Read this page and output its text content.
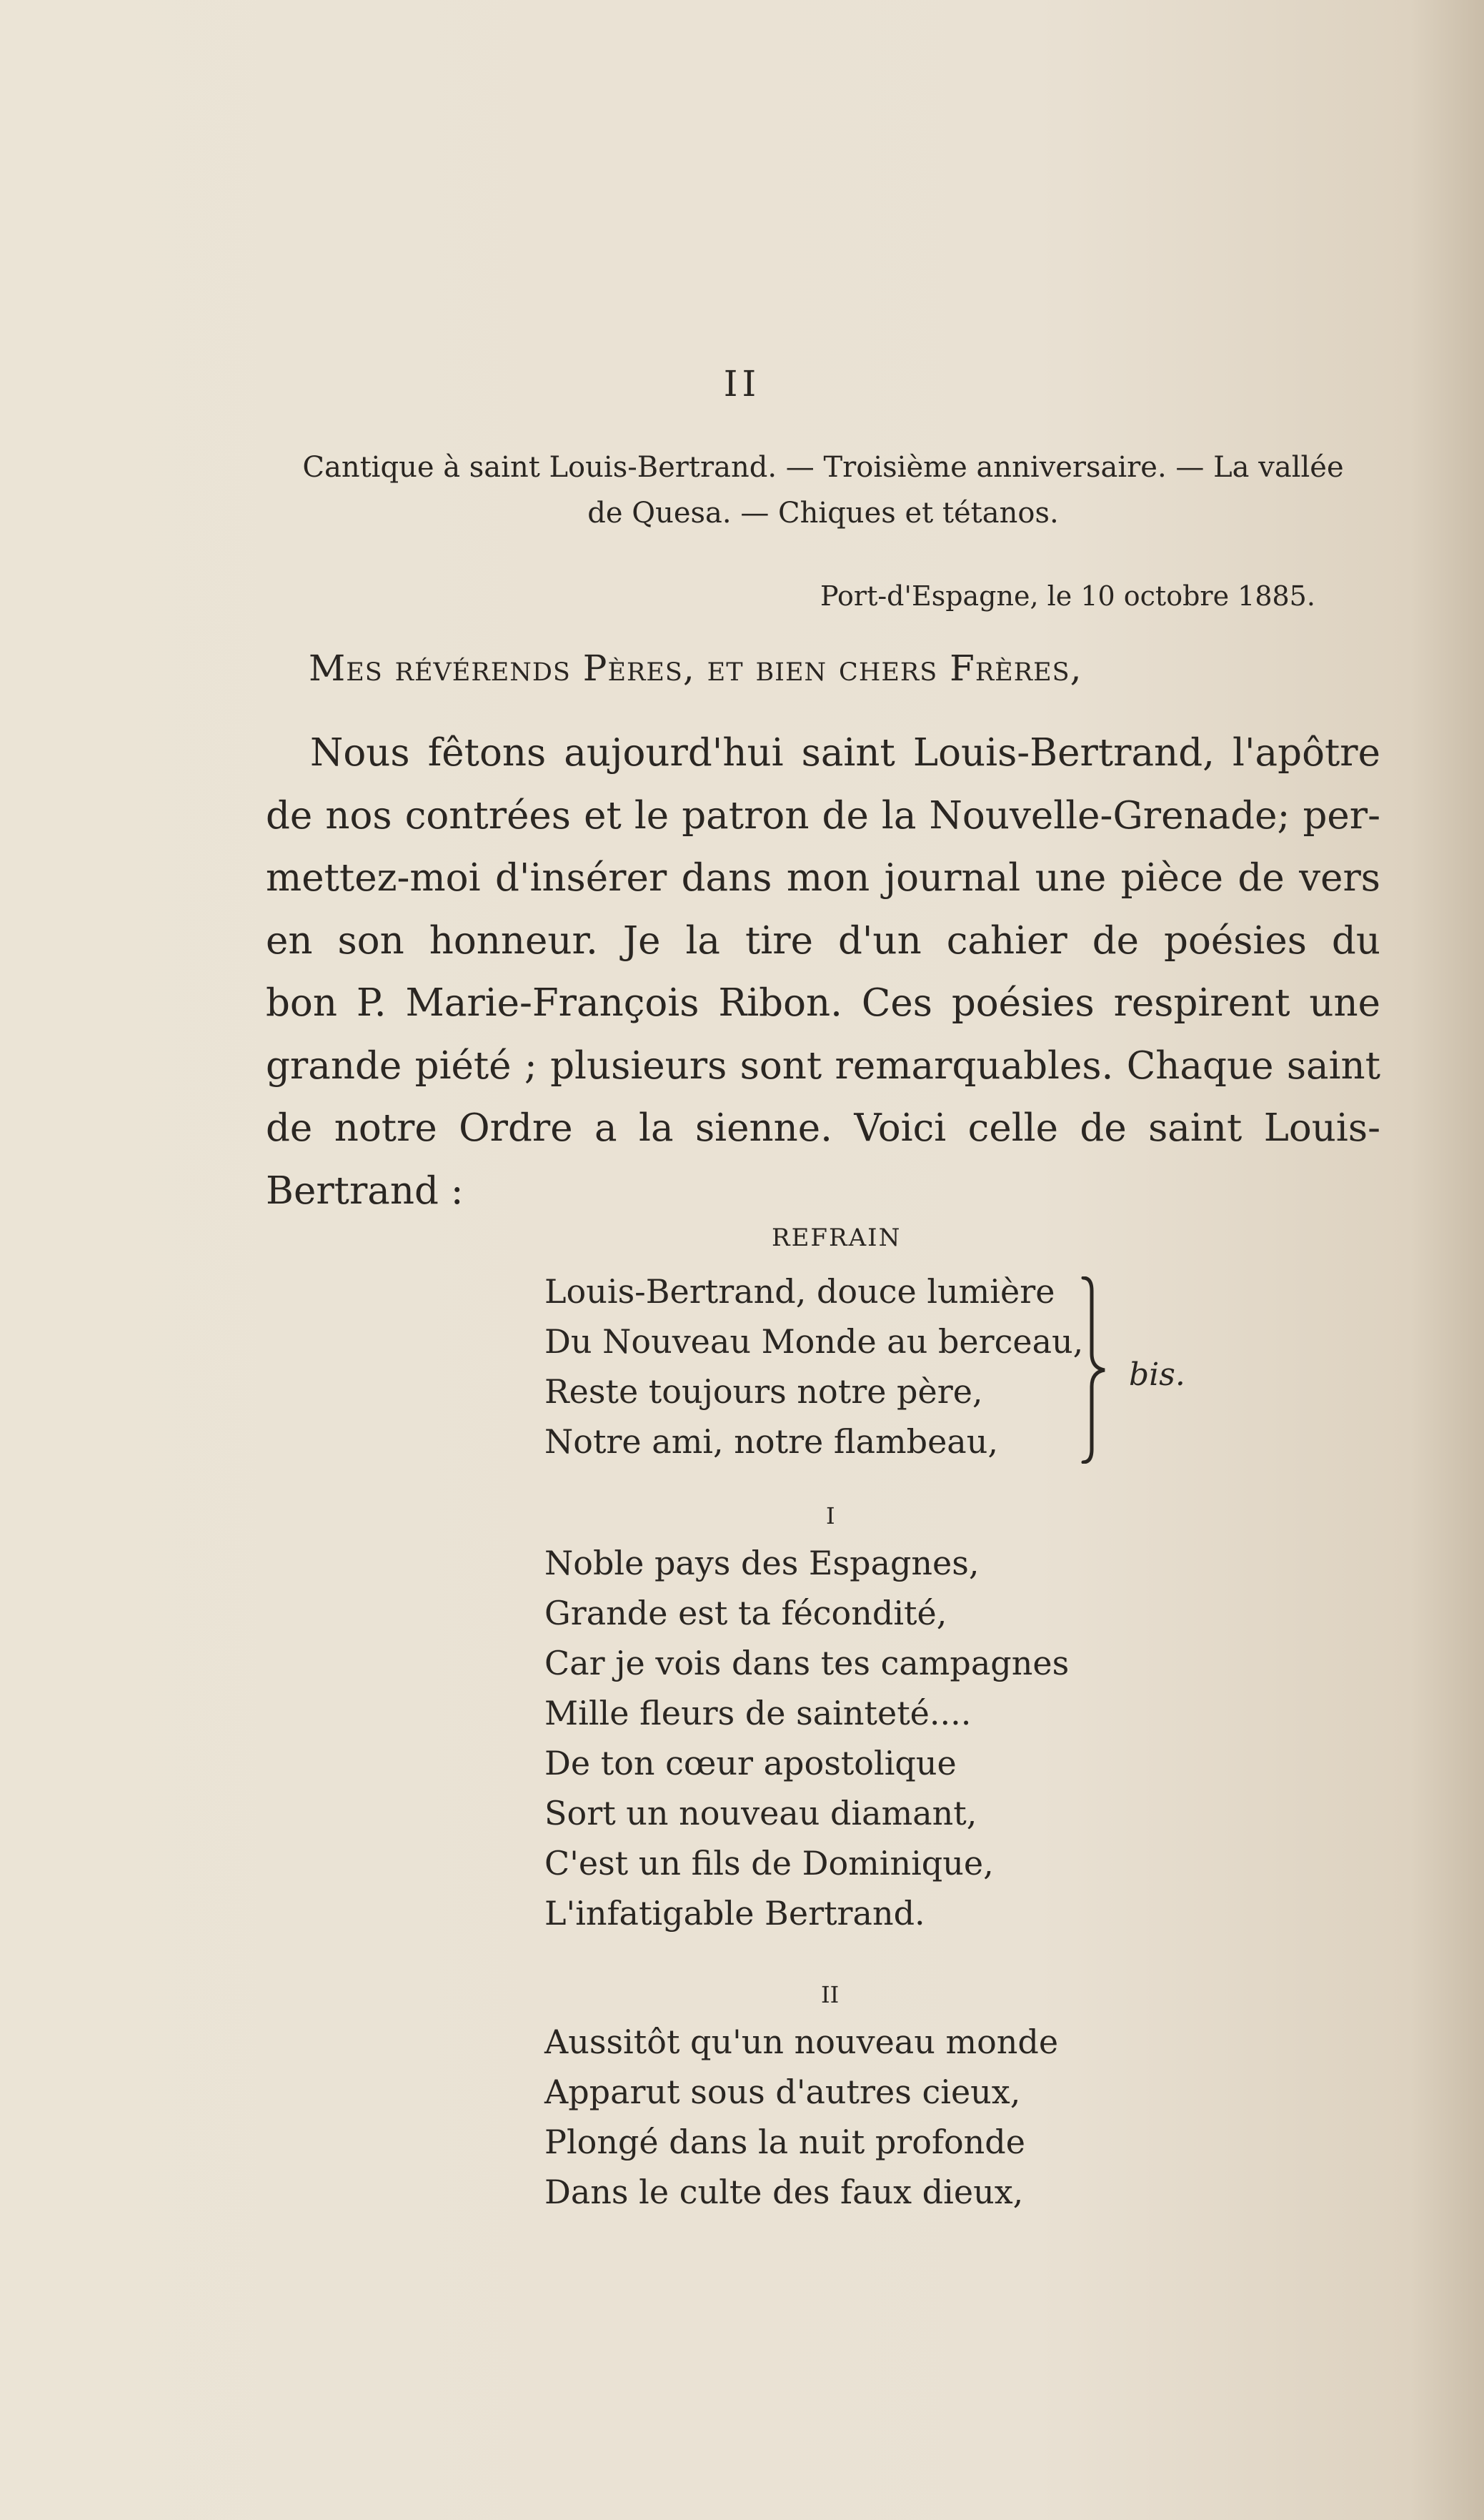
II
Cantique à saint Louis-Bertrand. — Troisième anniversaire. — La vallée
de Quesa. — Chiques et tétanos.
Port-d'Espagne, le 10 octobre 1885.
Mes révérends Pères, et bien chers Frères,
Nous fêtons aujourd'hui saint Louis-Bertrand, l'apôtre
de nos contrées et le patron de la Nouvelle-Grenade; per-
mettez-moi d'insérer dans mon journal une pièce de vers
en son honneur. Je la tire d'un cahier de poésies du
bon P. Marie-François Ribon. Ces poésies respirent une
grande piété ; plusieurs sont remarquables. Chaque saint
de notre Ordre a la sienne. Voici celle de saint Louis-
Bertrand :
REFRAIN
Louis-Bertrand, douce lumière
Du Nouveau Monde au berceau,
Reste toujours notre père,
Notre ami, notre flambeau,
bis.
I
Noble pays des Espagnes,
Grande est ta fécondité,
Car je vois dans tes campagnes
Mille fleurs de sainteté....
De ton cœur apostolique
Sort un nouveau diamant,
C'est un fils de Dominique,
L'infatigable Bertrand.
II
Aussitôt qu'un nouveau monde
Apparut sous d'autres cieux,
Plongé dans la nuit profonde
Dans le culte des faux dieux,
